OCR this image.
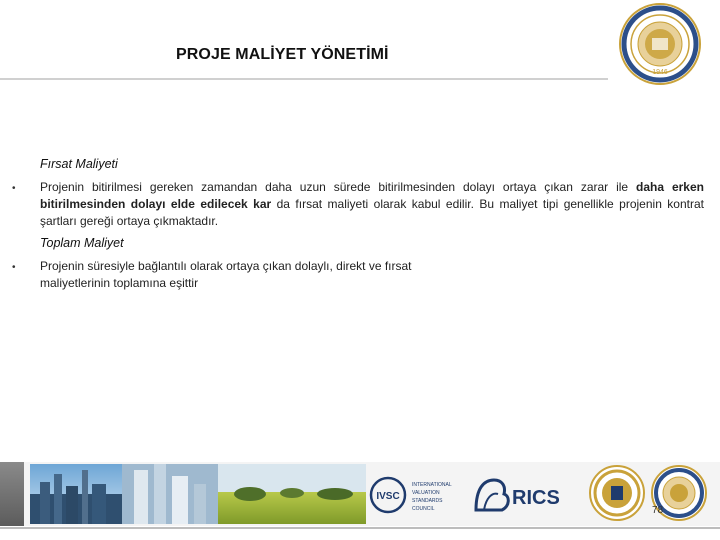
PROJE MALİYET YÖNETİMİ
1946
Fırsat Maliyeti
• Projenin bitirilmesi gereken zamandan daha uzun sürede bitirilmesinden dolayı ortaya çıkan zarar ile daha erken bitirilmesinden dolayı elde edilecek kar da fırsat maliyeti olarak kabul edilir. Bu maliyet tipi genellikle projenin kontrat şartları gereği ortaya çıkmaktadır.
Toplam Maliyet
• Projenin süresiyle bağlantılı olarak ortaya çıkan dolaylı, direkt ve fırsat
maliyetlerinin toplamına eşittir
IVSC
INTERNATIONAL
VALUATION
STANDARDS
COUNCIL	RICS
78
